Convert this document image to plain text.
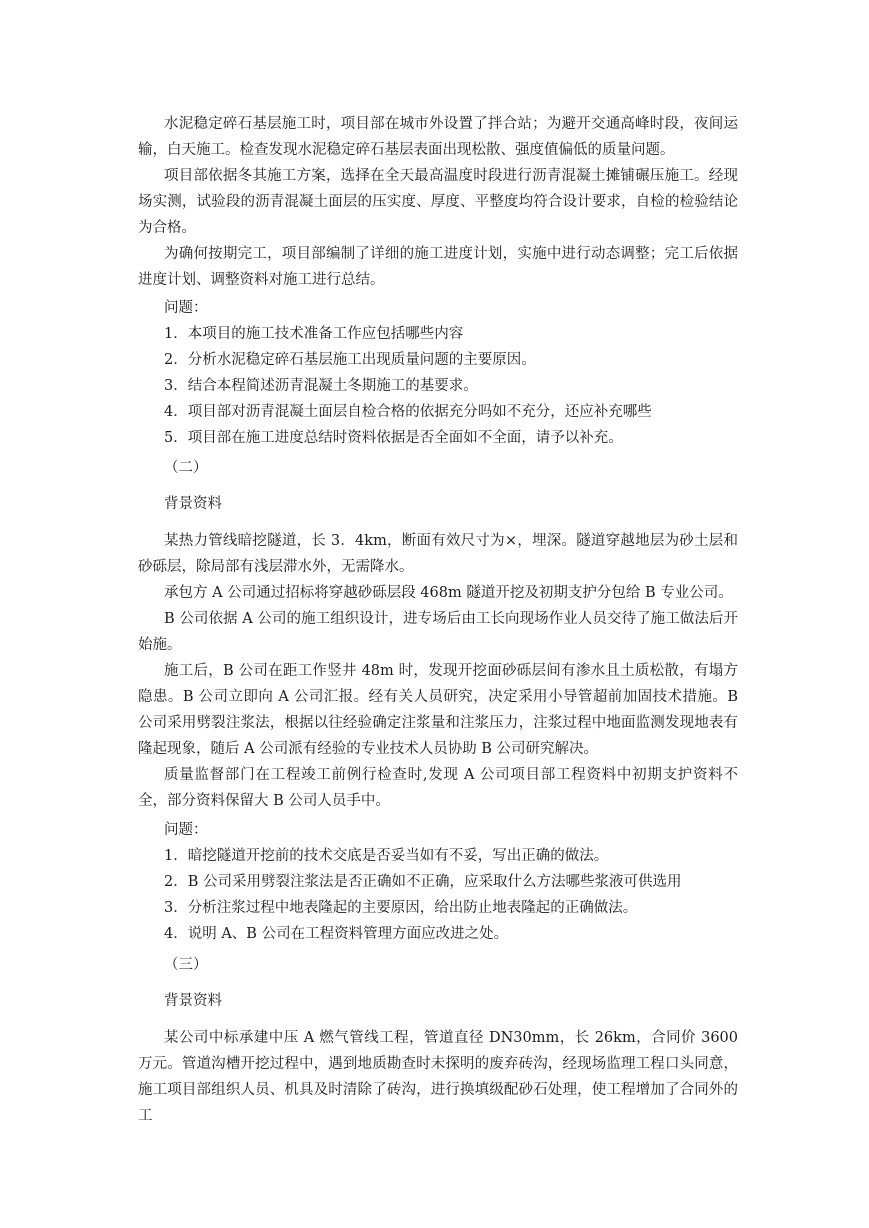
水泥稳定碎石基层施工时，项目部在城市外设置了拌合站；为避开交通高峰时段，夜间运输，白天施工。检查发现水泥稳定碎石基层表面出现松散、强度值偏低的质量问题。

项目部依据冬其施工方案，选择在全天最高温度时段进行沥青混凝土摊铺碾压施工。经现场实测，试验段的沥青混凝土面层的压实度、厚度、平整度均符合设计要求，自检的检验结论为合格。

为确何按期完工，项目部编制了详细的施工进度计划，实施中进行动态调整；完工后依据进度计划、调整资料对施工进行总结。

问题：

1．本项目的施工技术准备工作应包括哪些内容

2．分析水泥稳定碎石基层施工出现质量问题的主要原因。

3．结合本程简述沥青混凝土冬期施工的基要求。

4．项目部对沥青混凝土面层自检合格的依据充分吗如不充分，还应补充哪些

5．项目部在施工进度总结时资料依据是否全面如不全面，请予以补充。

（二）

背景资料

某热力管线暗挖隧道，长 3．4km，断面有效尺寸为×，埋深。隧道穿越地层为砂土层和砂砾层，除局部有浅层滞水外，无需降水。

承包方 A 公司通过招标将穿越砂砾层段 468m 隧道开挖及初期支护分包给 B 专业公司。

B 公司依据 A 公司的施工组织设计，进专场后由工长向现场作业人员交待了施工做法后开始施。

施工后，B 公司在距工作竖井 48m 时，发现开挖面砂砾层间有渗水且土质松散，有塌方隐患。B 公司立即向 A 公司汇报。经有关人员研究，决定采用小导管超前加固技术措施。B 公司采用劈裂注浆法，根据以往经验确定注浆量和注浆压力，注浆过程中地面监测发现地表有隆起现象，随后 A 公司派有经验的专业技术人员协助 B 公司研究解决。

质量监督部门在工程竣工前例行检查时,发现 A 公司项目部工程资料中初期支护资料不全，部分资料保留大 B 公司人员手中。

问题：

1．暗挖隧道开挖前的技术交底是否妥当如有不妥，写出正确的做法。

2．B 公司采用劈裂注浆法是否正确如不正确，应采取什么方法哪些浆液可供选用

3．分析注浆过程中地表隆起的主要原因，给出防止地表隆起的正确做法。

4．说明 A、B 公司在工程资料管理方面应改进之处。

（三）

背景资料

某公司中标承建中压 A 燃气管线工程，管道直径 DN30mm，长 26km，合同价 3600 万元。管道沟槽开挖过程中，遇到地质勘查时未探明的废弃砖沟，经现场监理工程口头同意，施工项目部组织人员、机具及时清除了砖沟，进行换填级配砂石处理，使工程增加了合同外的工
